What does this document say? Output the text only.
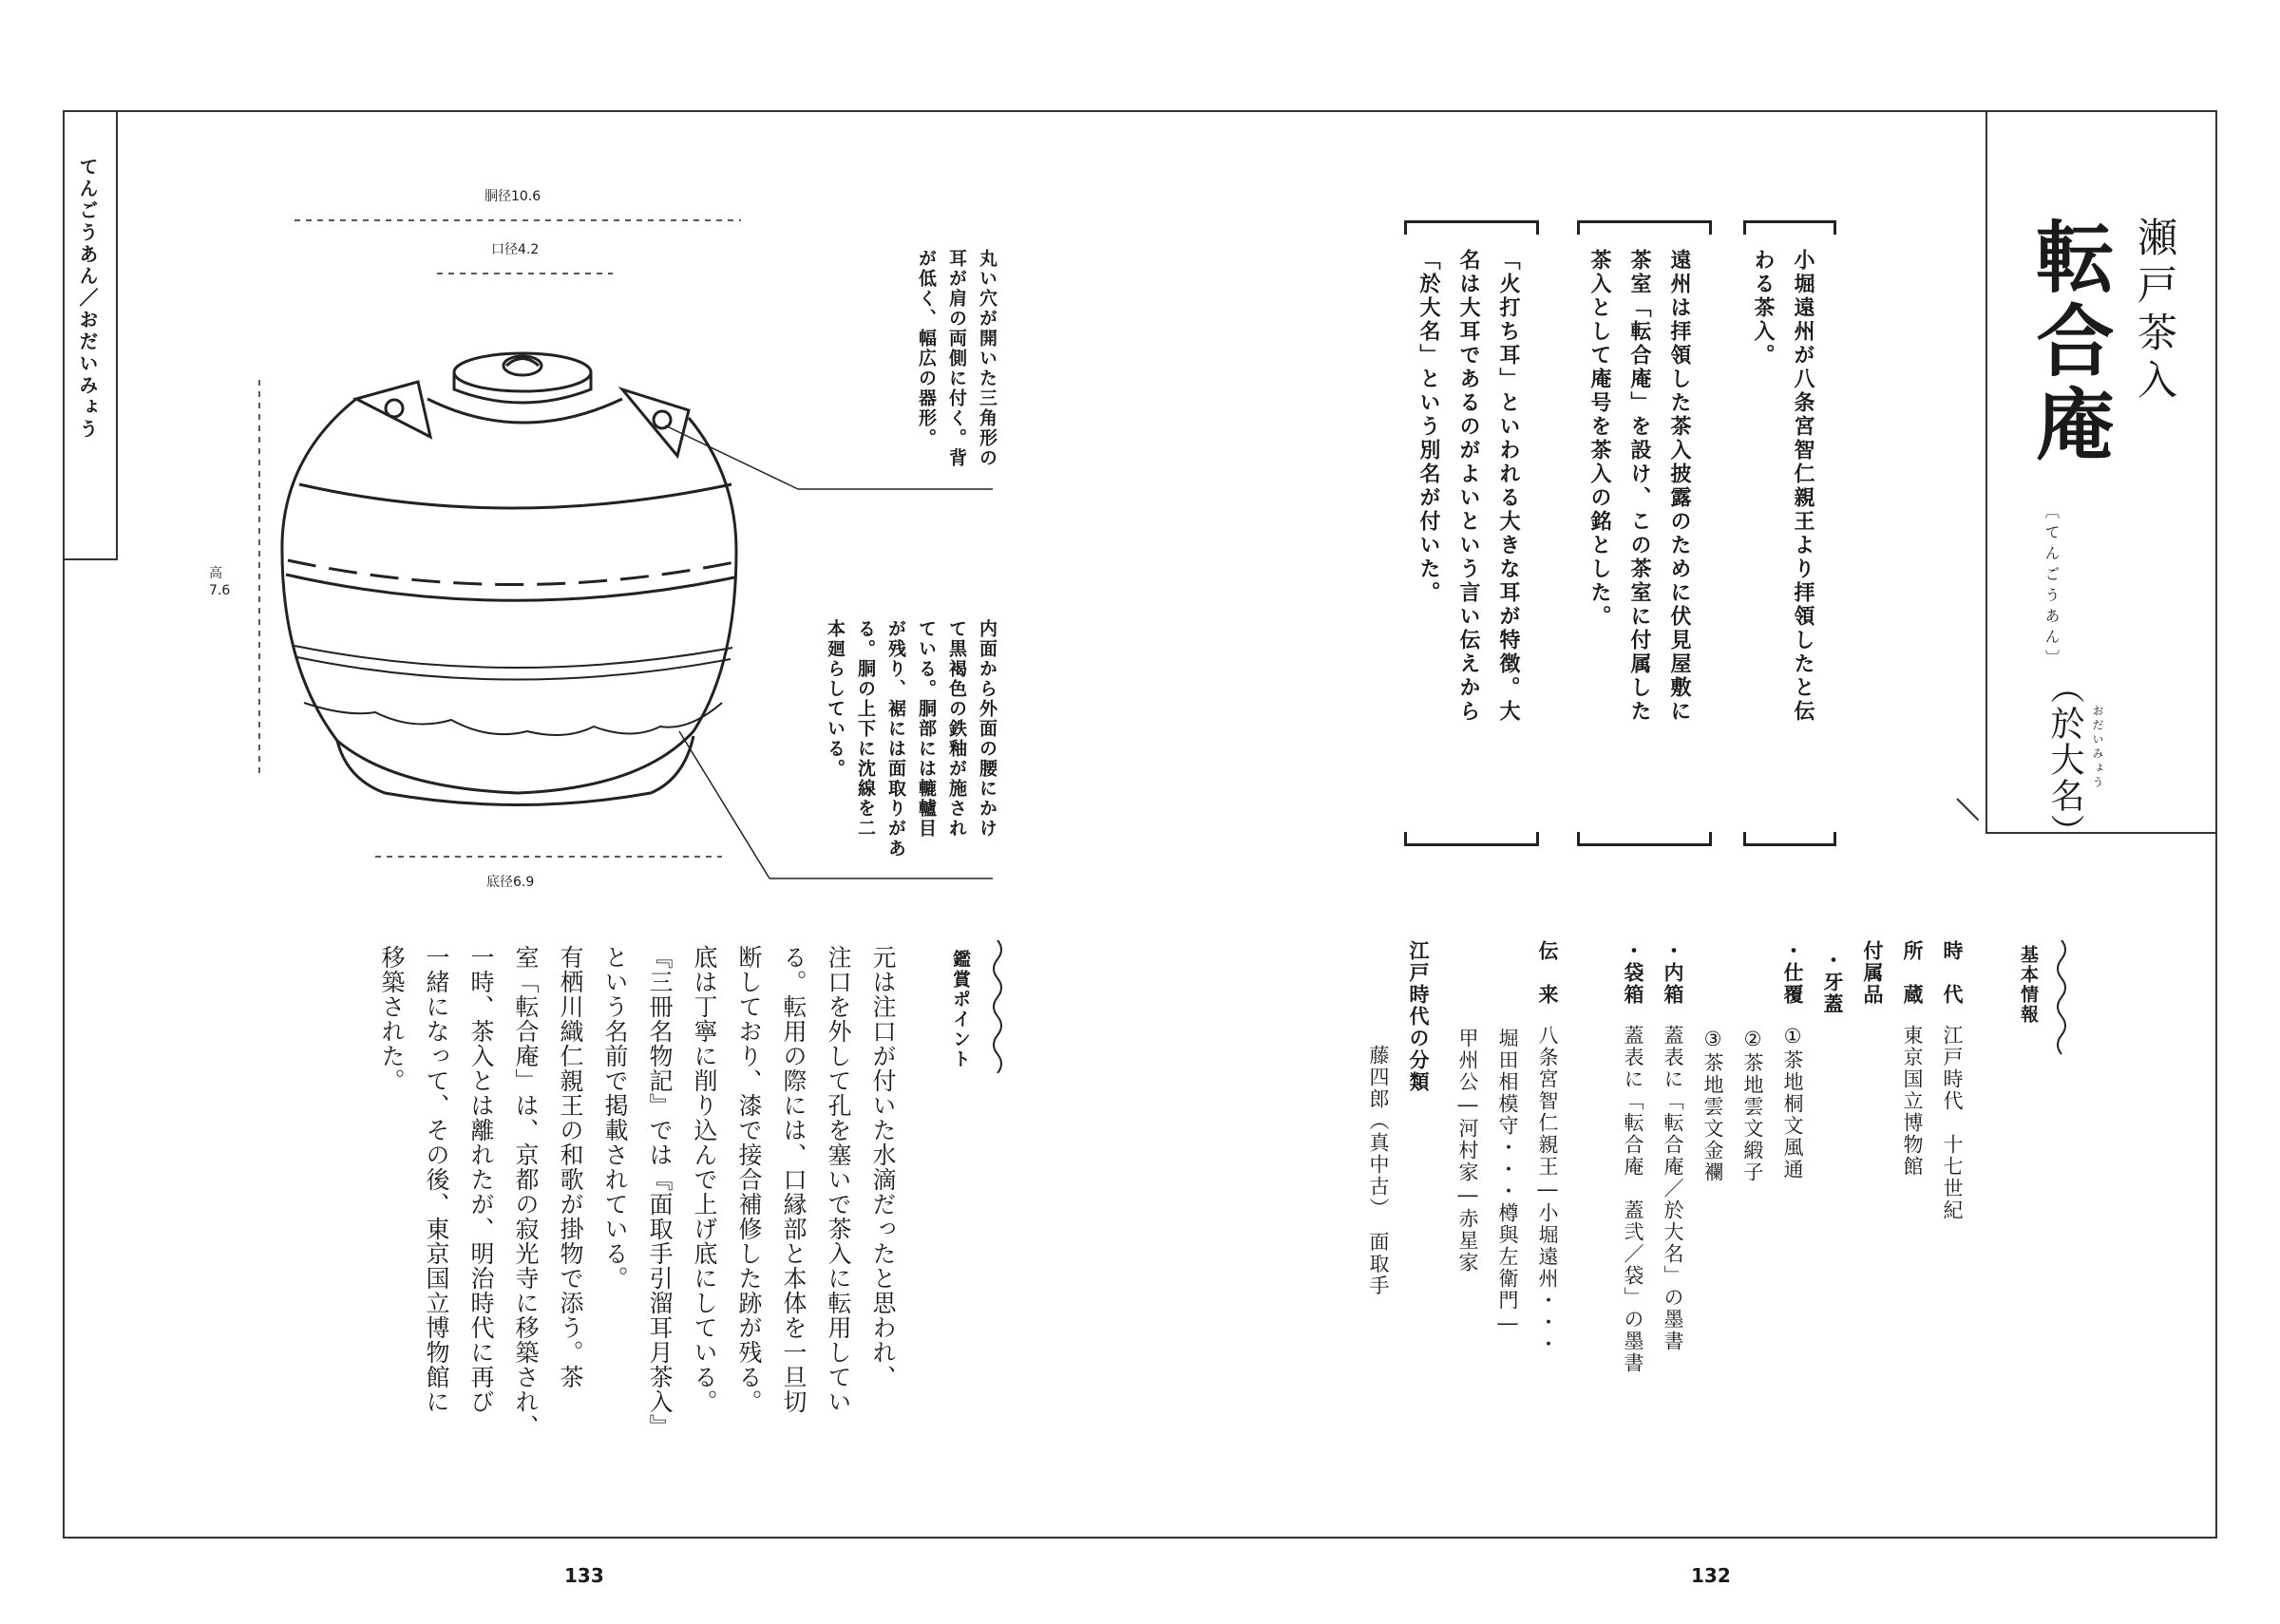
てんごうあん／おだいみょう	胴径10.6
口径4.2
高7.6
底径6.9
丸い穴が開いた三角形の
耳が肩の両側に付く。背
が低く、幅広の器形。
内面から外面の腰にかけ
て黒褐色の鉄釉が施され
ている。胴部には轆轤目
が残り、裾には面取りがあ
る。胴の上下に沈線を二
本廻らしている。
鑑賞ポイント
元は注口が付いた水滴だったと思われ、
注口を外して孔を塞いで茶入に転用してい
る。転用の際には、口縁部と本体を一旦切
断しており、漆で接合補修した跡が残る。
底は丁寧に削り込んで上げ底にしている。
『三冊名物記』では『面取手引溜耳月茶入』
という名前で掲載されている。
有栖川織仁親王の和歌が掛物で添う。茶
室「転合庵」は、京都の寂光寺に移築され、
一時、茶入とは離れたが、明治時代に再び
一緒になって、その後、東京国立博物館に
移築された。
133	132
瀬戸茶入
転合庵
〔てんごうあん〕
（於大名） おだいみょう
小堀遠州が八条宮智仁親王より拝領したと伝
わる茶入。
遠州は拝領した茶入披露のために伏見屋敷に
茶室「転合庵」を設け、この茶室に付属した
茶入として庵号を茶入の銘とした。
「火打ち耳」といわれる大きな耳が特徴。大
名は大耳であるのがよいという言い伝えから
「於大名」という別名が付いた。
基本情報
時　代江戸時代　十七世紀
所　蔵東京国立博物館
付属品
・牙蓋
・仕覆①茶地桐文風通
②茶地雲文緞子
③茶地雲文金襴
・内箱蓋表に「転合庵／於大名」の墨書
・袋箱蓋表に「転合庵　蓋弐／袋」の墨書
伝　来八条宮智仁親王―小堀遠州・・・
堀田相模守・・・樽與左衛門―
甲州公―河村家―赤星家
江戸時代の分類
藤四郎（真中古）　面取手
